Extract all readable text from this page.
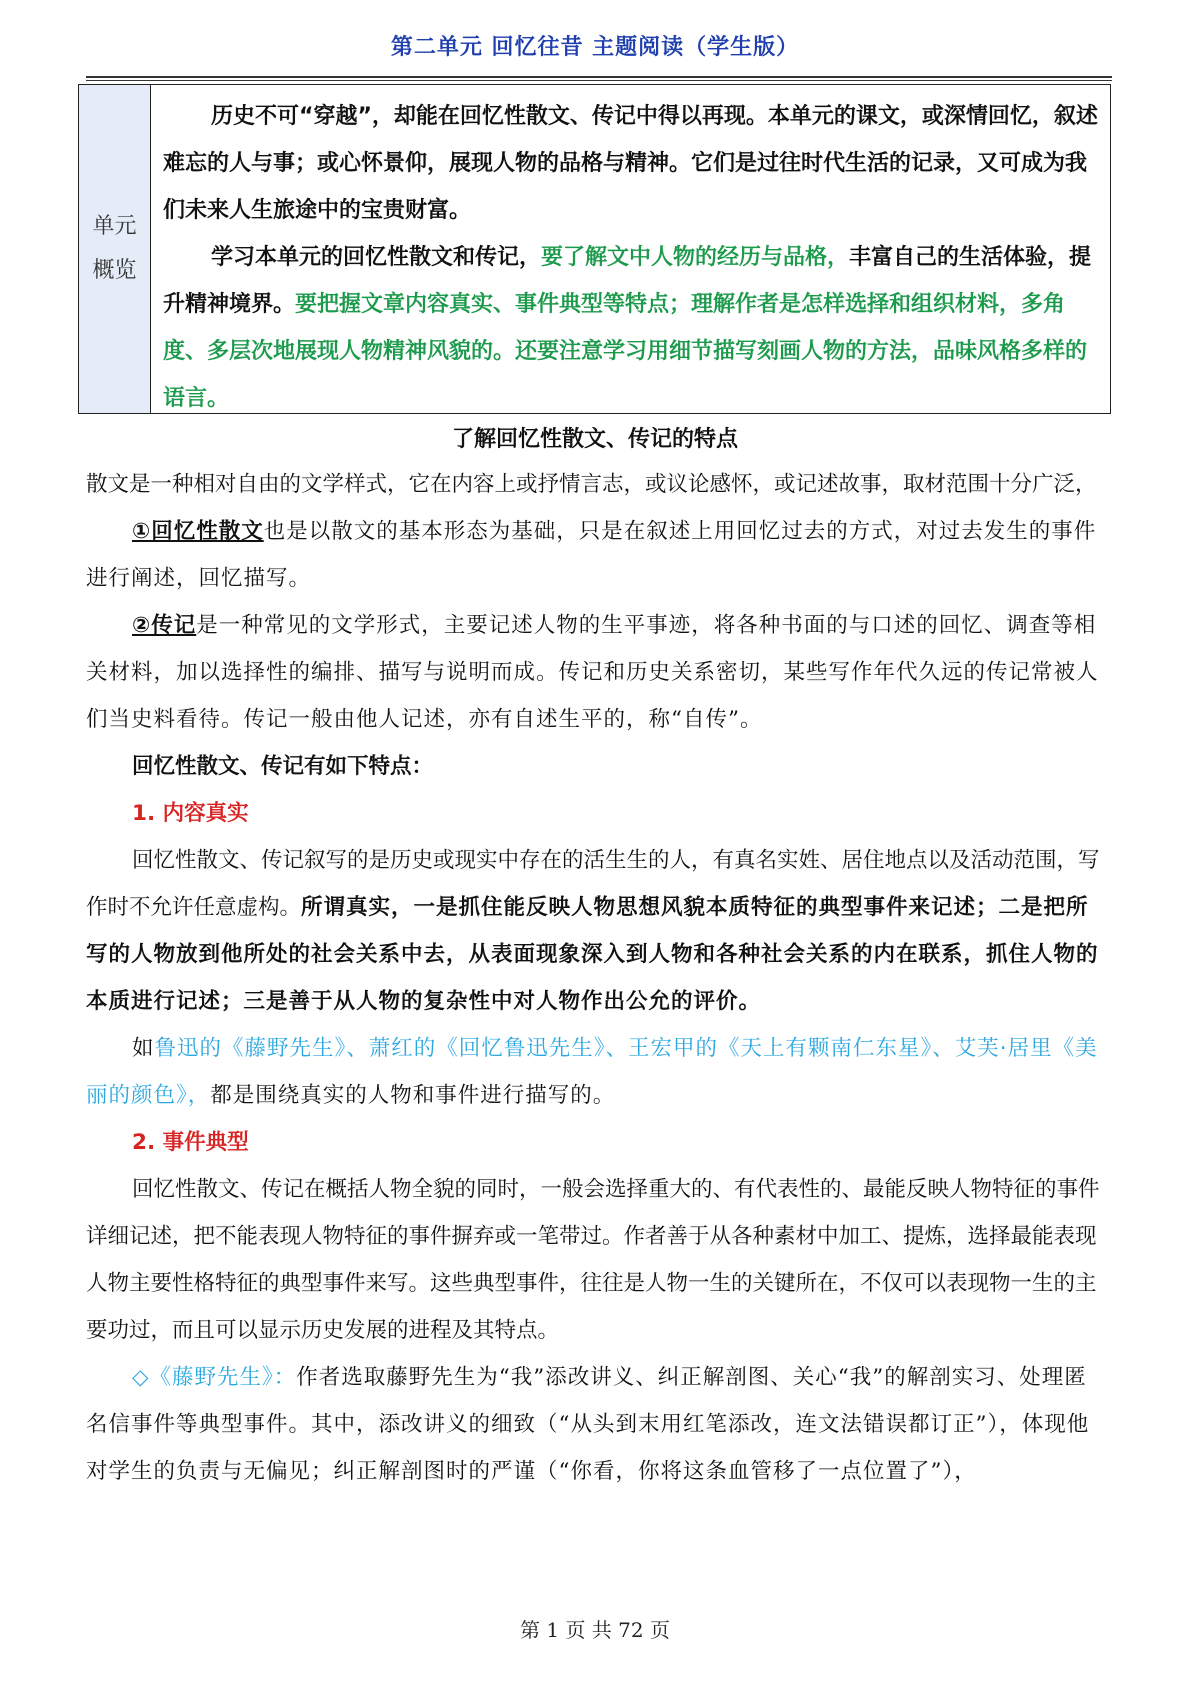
第二单元 回忆往昔 主题阅读（学生版）
单元
概览

历史不可“穿越”，却能在回忆性散文、传记中得以再现。本单元的课文，或深情回忆，叙述难忘的人与事；或心怀景仰，展现人物的品格与精神。它们是过往时代生活的记录，又可成为我们未来人生旅途中的宝贵财富。

学习本单元的回忆性散文和传记，要了解文中人物的经历与品格，丰富自己的生活体验，提升精神境界。要把握文章内容真实、事件典型等特点；理解作者是怎样选择和组织材料，多角度、多层次地展现人物精神风貌的。还要注意学习用细节描写刻画人物的方法，品味风格多样的语言。

了解回忆性散文、传记的特点

散文是一种相对自由的文学样式，它在内容上或抒情言志，或议论感怀，或记述故事，取材范围十分广泛，

①回忆性散文也是以散文的基本形态为基础，只是在叙述上用回忆过去的方式，对过去发生的事件进行阐述，回忆描写。

②传记是一种常见的文学形式，主要记述人物的生平事迹，将各种书面的与口述的回忆、调查等相关材料，加以选择性的编排、描写与说明而成。传记和历史关系密切，某些写作年代久远的传记常被人们当史料看待。传记一般由他人记述，亦有自述生平的，称“自传”。

回忆性散文、传记有如下特点：

1. 内容真实

回忆性散文、传记叙写的是历史或现实中存在的活生生的人，有真名实姓、居住地点以及活动范围，写作时不允许任意虚构。所谓真实，一是抓住能反映人物思想风貌本质特征的典型事件来记述；二是把所写的人物放到他所处的社会关系中去，从表面现象深入到人物和各种社会关系的内在联系，抓住人物的本质进行记述；三是善于从人物的复杂性中对人物作出公允的评价。

如鲁迅的《藤野先生》、萧红的《回忆鲁迅先生》、王宏甲的《天上有颗南仁东星》、艾芙·居里《美丽的颜色》，都是围绕真实的人物和事件进行描写的。

2. 事件典型

回忆性散文、传记在概括人物全貌的同时，一般会选择重大的、有代表性的、最能反映人物特征的事件详细记述，把不能表现人物特征的事件摒弃或一笔带过。作者善于从各种素材中加工、提炼，选择最能表现人物主要性格特征的典型事件来写。这些典型事件，往往是人物一生的关键所在，不仅可以表现物一生的主要功过，而且可以显示历史发展的进程及其特点。

◇《藤野先生》：作者选取藤野先生为“我”添改讲义、纠正解剖图、关心“我”的解剖实习、处理匿名信事件等典型事件。其中，添改讲义的细致（“从头到末用红笔添改，连文法错误都订正”），体现他对学生的负责与无偏见；纠正解剖图时的严谨（“你看，你将这条血管移了一点位置了”），

第 1 页 共 72 页
